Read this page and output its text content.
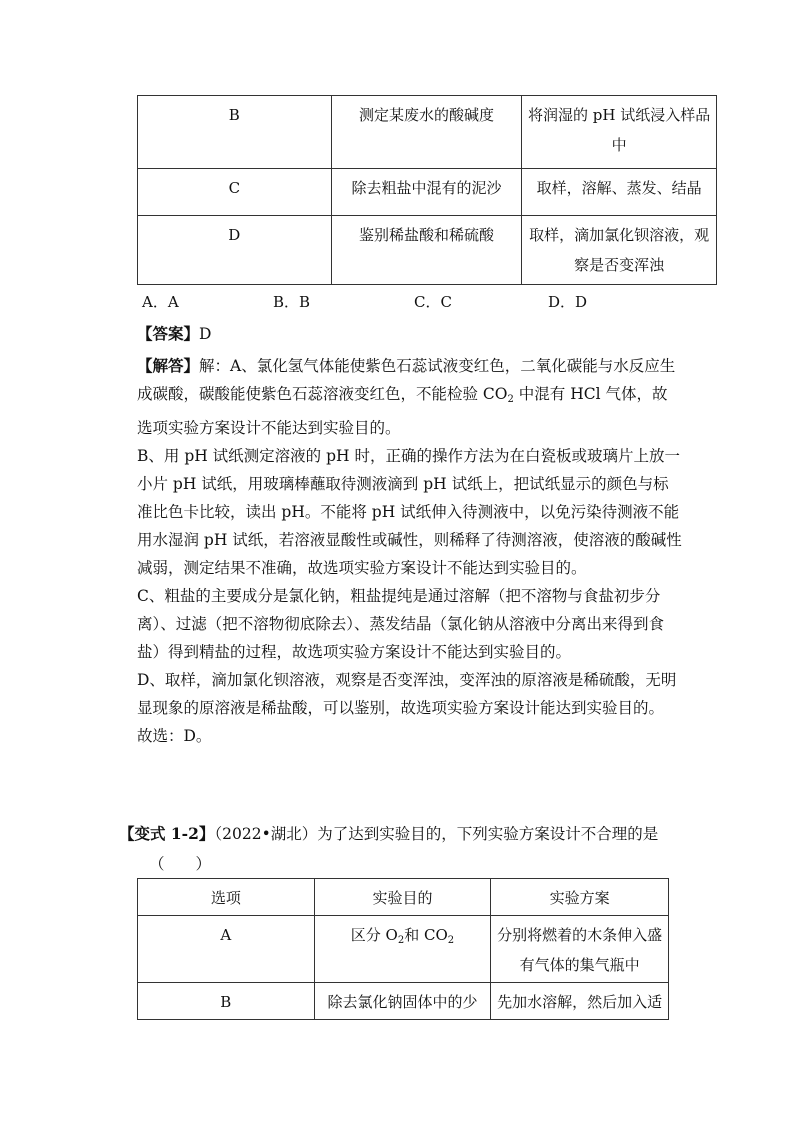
B	测定某废水的酸碱度	将润湿的 pH 试纸浸入样品中
C	除去粗盐中混有的泥沙	取样，溶解、蒸发、结晶
D	鉴别稀盐酸和稀硫酸	取样，滴加氯化钡溶液，观察是否变浑浊
A．A	B．B	C．C	D．D
【答案】D
【解答】解：A、氯化氢气体能使紫色石蕊试液变红色，二氧化碳能与水反应生成碳酸，碳酸能使紫色石蕊溶液变红色，不能检验 $CO_2$ 中混有 HCl 气体，故选项实验方案设计不能达到实验目的。
B、用 pH 试纸测定溶液的 pH 时，正确的操作方法为在白瓷板或玻璃片上放一小片 pH 试纸，用玻璃棒蘸取待测液滴到 pH 试纸上，把试纸显示的颜色与标准比色卡比较，读出 pH。不能将 pH 试纸伸入待测液中，以免污染待测液不能用水湿润 pH 试纸，若溶液显酸性或碱性，则稀释了待测溶液，使溶液的酸碱性减弱，测定结果不准确，故选项实验方案设计不能达到实验目的。
C、粗盐的主要成分是氯化钠，粗盐提纯是通过溶解（把不溶物与食盐初步分离）、过滤（把不溶物彻底除去）、蒸发结晶（氯化钠从溶液中分离出来得到食盐）得到精盐的过程，故选项实验方案设计不能达到实验目的。
D、取样，滴加氯化钡溶液，观察是否变浑浊，变浑浊的原溶液是稀硫酸，无明显现象的原溶液是稀盐酸，可以鉴别，故选项实验方案设计能达到实验目的。
故选：D。
【变式 1-2】（2022•湖北）为了达到实验目的，下列实验方案设计不合理的是
（　　）
选项	实验目的	实验方案
A	区分 $O_2$和 $CO_2$	分别将燃着的木条伸入盛有气体的集气瓶中
B	除去氯化钠固体中的少	先加水溶解，然后加入适
